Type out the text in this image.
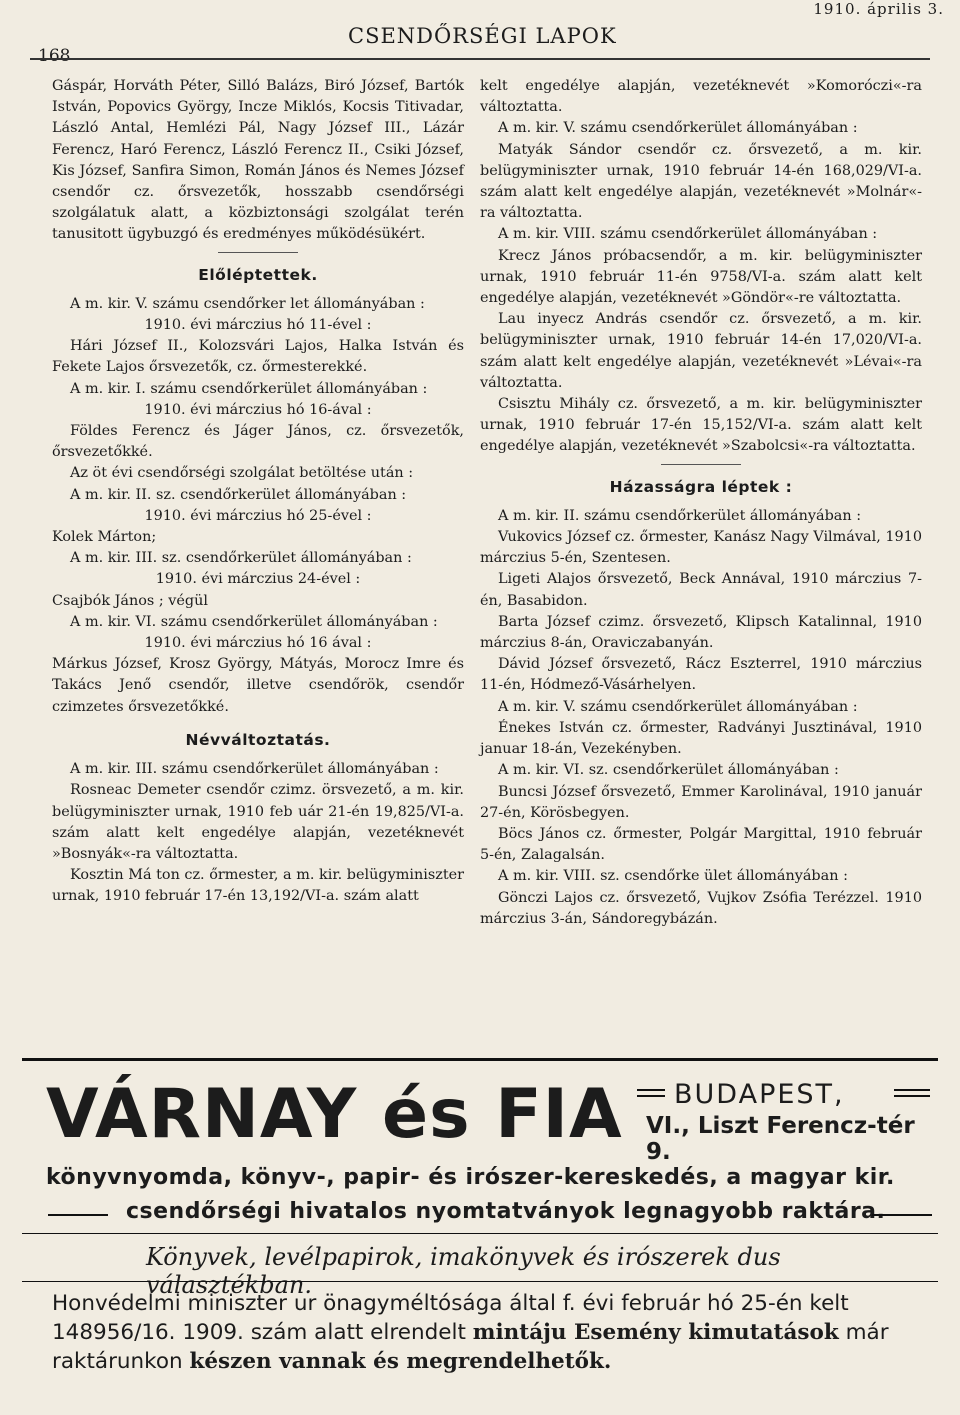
168
CSENDŐRSÉGI LAPOK
1910. április 3.

Gáspár, Horváth Péter, Silló Balázs, Biró József, Bartók István, Popovics György, Incze Miklós, Kocsis Titivadar, László Antal, Hemlézi Pál, Nagy József III., Lázár Ferencz, Haró Ferencz, László Ferencz II., Csiki József, Kis József, Sanfira Simon, Román János és Nemes József csendőr cz. őrsvezetők, hosszabb csendőrségi szolgálatuk alatt, a közbiztonsági szolgálat terén tanusitott ügybuzgó és eredményes működésükért.

Előléptettek.

A m. kir. V. számu csendőrker let állományában :

1910. évi márczius hó 11-ével :

Hári József II., Kolozsvári Lajos, Halka István és Fekete Lajos őrsvezetők, cz. őrmesterekké.

A m. kir. I. számu csendőrkerület állományában :

1910. évi márczius hó 16-ával :

Földes Ferencz és Jáger János, cz. őrsvezetők, őrsvezetőkké.

Az öt évi csendőrségi szolgálat betöltése után :

A m. kir. II. sz. csendőrkerület állományában :

1910. évi márczius hó 25-ével :

Kolek Márton;

A m. kir. III. sz. csendőrkerület állományában :

1910. évi márczius 24-ével :

Csajbók János ; végül

A m. kir. VI. számu csendőrkerület állományában :

1910. évi márczius hó 16 ával :

Márkus József, Krosz György, Mátyás, Morocz Imre és Takács Jenő csendőr, illetve csendőrök, csendőr czimzetes őrsvezetőkké.

Névváltoztatás.

A m. kir. III. számu csendőrkerület állományában :

Rosneac Demeter csendőr czimz. örsvezető, a m. kir. belügyminiszter urnak, 1910 feb uár 21-én 19,825/VI-a. szám alatt kelt engedélye alapján, vezetéknevét »Bosnyák«-ra változtatta.

Kosztin Má ton cz. őrmester, a m. kir. belügyminiszter urnak, 1910 február 17-én 13,192/VI-a. szám alatt

kelt engedélye alapján, vezetéknevét »Komoróczi«-ra változtatta.

A m. kir. V. számu csendőrkerület állományában :

Matyák Sándor csendőr cz. őrsvezető, a m. kir. belügyminiszter urnak, 1910 február 14-én 168,029/VI-a. szám alatt kelt engedélye alapján, vezetéknevét »Molnár«-ra változtatta.

A m. kir. VIII. számu csendőrkerület állományában :

Krecz János próbacsendőr, a m. kir. belügyminiszter urnak, 1910 február 11-én 9758/VI-a. szám alatt kelt engedélye alapján, vezetéknevét »Göndör«-re változtatta.

Lau inyecz András csendőr cz. őrsvezető, a m. kir. belügyminiszter urnak, 1910 február 14-én 17,020/VI-a. szám alatt kelt engedélye alapján, vezetéknevét »Lévai«-ra változtatta.

Csisztu Mihály cz. őrsvezető, a m. kir. belügyminiszter urnak, 1910 február 17-én 15,152/VI-a. szám alatt kelt engedélye alapján, vezetéknevét »Szabolcsi«-ra változtatta.

Házasságra léptek :

A m. kir. II. számu csendőrkerület állományában :

Vukovics József cz. őrmester, Kanász Nagy Vilmával, 1910 márczius 5-én, Szentesen.

Ligeti Alajos őrsvezető, Beck Annával, 1910 márczius 7-én, Basabidon.

Barta József czimz. őrsvezető, Klipsch Katalinnal, 1910 márczius 8-án, Oraviczabanyán.

Dávid József őrsvezető, Rácz Eszterrel, 1910 márczius 11-én, Hódmező-Vásárhelyen.

A m. kir. V. számu csendőrkerület állományában :

Énekes István cz. őrmester, Radványi Jusztinával, 1910 januar 18-án, Vezekényben.

A m. kir. VI. sz. csendőrkerület állományában :

Buncsi József őrsvezető, Emmer Karolinával, 1910 január 27-én, Körösbegyen.

Böcs János cz. őrmester, Polgár Margittal, 1910 február 5-én, Zalagalsán.

A m. kir. VIII. sz. csendőrke ület állományában :

Gönczi Lajos cz. őrsvezető, Vujkov Zsófia Terézzel. 1910 márczius 3-án, Sándoregybázán.

VÁRNAY és FIA BUDAPEST,
VI., Liszt Ferencz-tér 9.
könyvnyomda, könyv-, papir- és irószer-kereskedés, a magyar kir.
csendőrségi hivatalos nyomtatványok legnagyobb raktára.
Könyvek, levélpapirok, imakönyvek és irószerek dus választékban.
Honvédelmi miniszter ur önagyméltósága által f. évi február hó 25-én kelt 148956/16. 1909. szám alatt elrendelt mintáju Esemény kimutatások már raktárunkon készen vannak és megrendelhetők.
